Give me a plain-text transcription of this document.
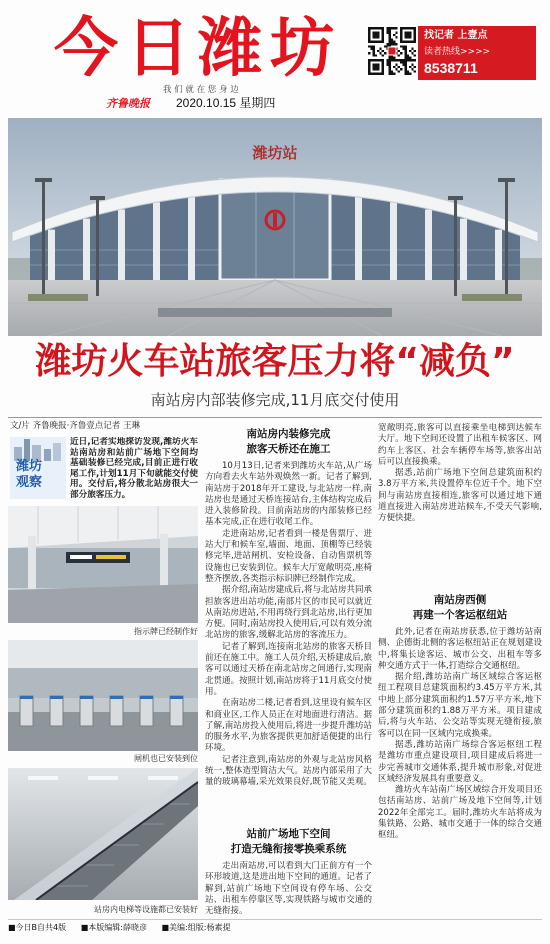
今日潍坊
我 们 就 在 您 身 边
齐鲁晚报 2020.10.15 星期四
找记者 上壹点
读者热线>>>>
8538711
潍坊站
潍坊火车站旅客压力将“减负”
南站房内部装修完成,11月底交付使用
文/片 齐鲁晚报·齐鲁壹点记者 王琳
潍坊观察
近日,记者实地探访发现,潍坊火车站南站房和站前广场地下空间均基础装修已经完成,目前正进行收尾工作,计划11月下旬就能交付使用。交付后,将分散北站房很大一部分旅客压力。
指示牌已经制作好
闸机也已安装到位
站房内电梯等设施都已安装好
南站房内装修完成
旅客天桥还在施工

10月13日,记者来到潍坊火车站,从广场方向看去火车站外观焕然一新。记者了解到,南站房于2018年开工建设,与北站房一样,南站房也是通过天桥连接站台,主体结构完成后进入装修阶段。目前南站房的内部装修已经基本完成,正在进行收尾工作。

走进南站房,记者看到一楼是售票厅、进站大厅和候车室,墙面、地面、顶棚等已经装修完毕,进站闸机、安检设备、自动售票机等设施也已安装到位。候车大厅宽敞明亮,座椅整齐摆放,各类指示标识牌已经制作完成。

据介绍,南站房建成后,将与北站房共同承担旅客进出站功能,南部片区的市民可以就近从南站房进站,不用再绕行到北站房,出行更加方便。同时,南站房投入使用后,可以有效分流北站房的旅客,缓解北站房的客流压力。

记者了解到,连接南北站房的旅客天桥目前还在施工中。施工人员介绍,天桥建成后,旅客可以通过天桥在南北站房之间通行,实现南北贯通。按照计划,南站房将于11月底交付使用。

在南站房二楼,记者看到,这里设有候车区和商业区,工作人员正在对地面进行清洁。据了解,南站房投入使用后,将进一步提升潍坊站的服务水平,为旅客提供更加舒适便捷的出行环境。

记者注意到,南站房的外观与北站房风格统一,整体造型简洁大气。站房内部采用了大量的玻璃幕墙,采光效果良好,既节能又美观。

站前广场地下空间
打造无缝衔接零换乘系统

走出南站房,可以看到大门正前方有一个环形坡道,这是进出地下空间的通道。记者了解到,站前广场地下空间设有停车场、公交站、出租车停靠区等,实现铁路与城市交通的无缝衔接。

宽敞明亮,旅客可以直接乘坐电梯到达候车大厅。地下空间还设置了出租车候客区、网约车上客区、社会车辆停车场等,旅客出站后可以直接换乘。

据悉,站前广场地下空间总建筑面积约3.8万平方米,共设置停车位近千个。地下空间与南站房直接相连,旅客可以通过地下通道直接进入南站房进站候车,不受天气影响,方便快捷。

南站房西侧
再建一个客运枢纽站

此外,记者在南站房获悉,位于潍坊站南侧、企德街北侧的客运枢纽站正在规划建设中,将集长途客运、城市公交、出租车等多种交通方式于一体,打造综合交通枢纽。

据介绍,潍坊站南广场区域综合客运枢纽工程项目总建筑面积约3.45万平方米,其中地上部分建筑面积约1.57万平方米,地下部分建筑面积约1.88万平方米。项目建成后,将与火车站、公交站等实现无缝衔接,旅客可以在同一区域内完成换乘。

据悉,潍坊站南广场综合客运枢纽工程是潍坊市重点建设项目,项目建成后将进一步完善城市交通体系,提升城市形象,对促进区域经济发展具有重要意义。

潍坊火车站南广场区域综合开发项目还包括南站房、站前广场及地下空间等,计划2022年全部完工。届时,潍坊火车站将成为集铁路、公路、城市交通于一体的综合交通枢纽。

■今日B自共4版 ■本版编辑:薛晓彦 ■美编:组版:杨素提
